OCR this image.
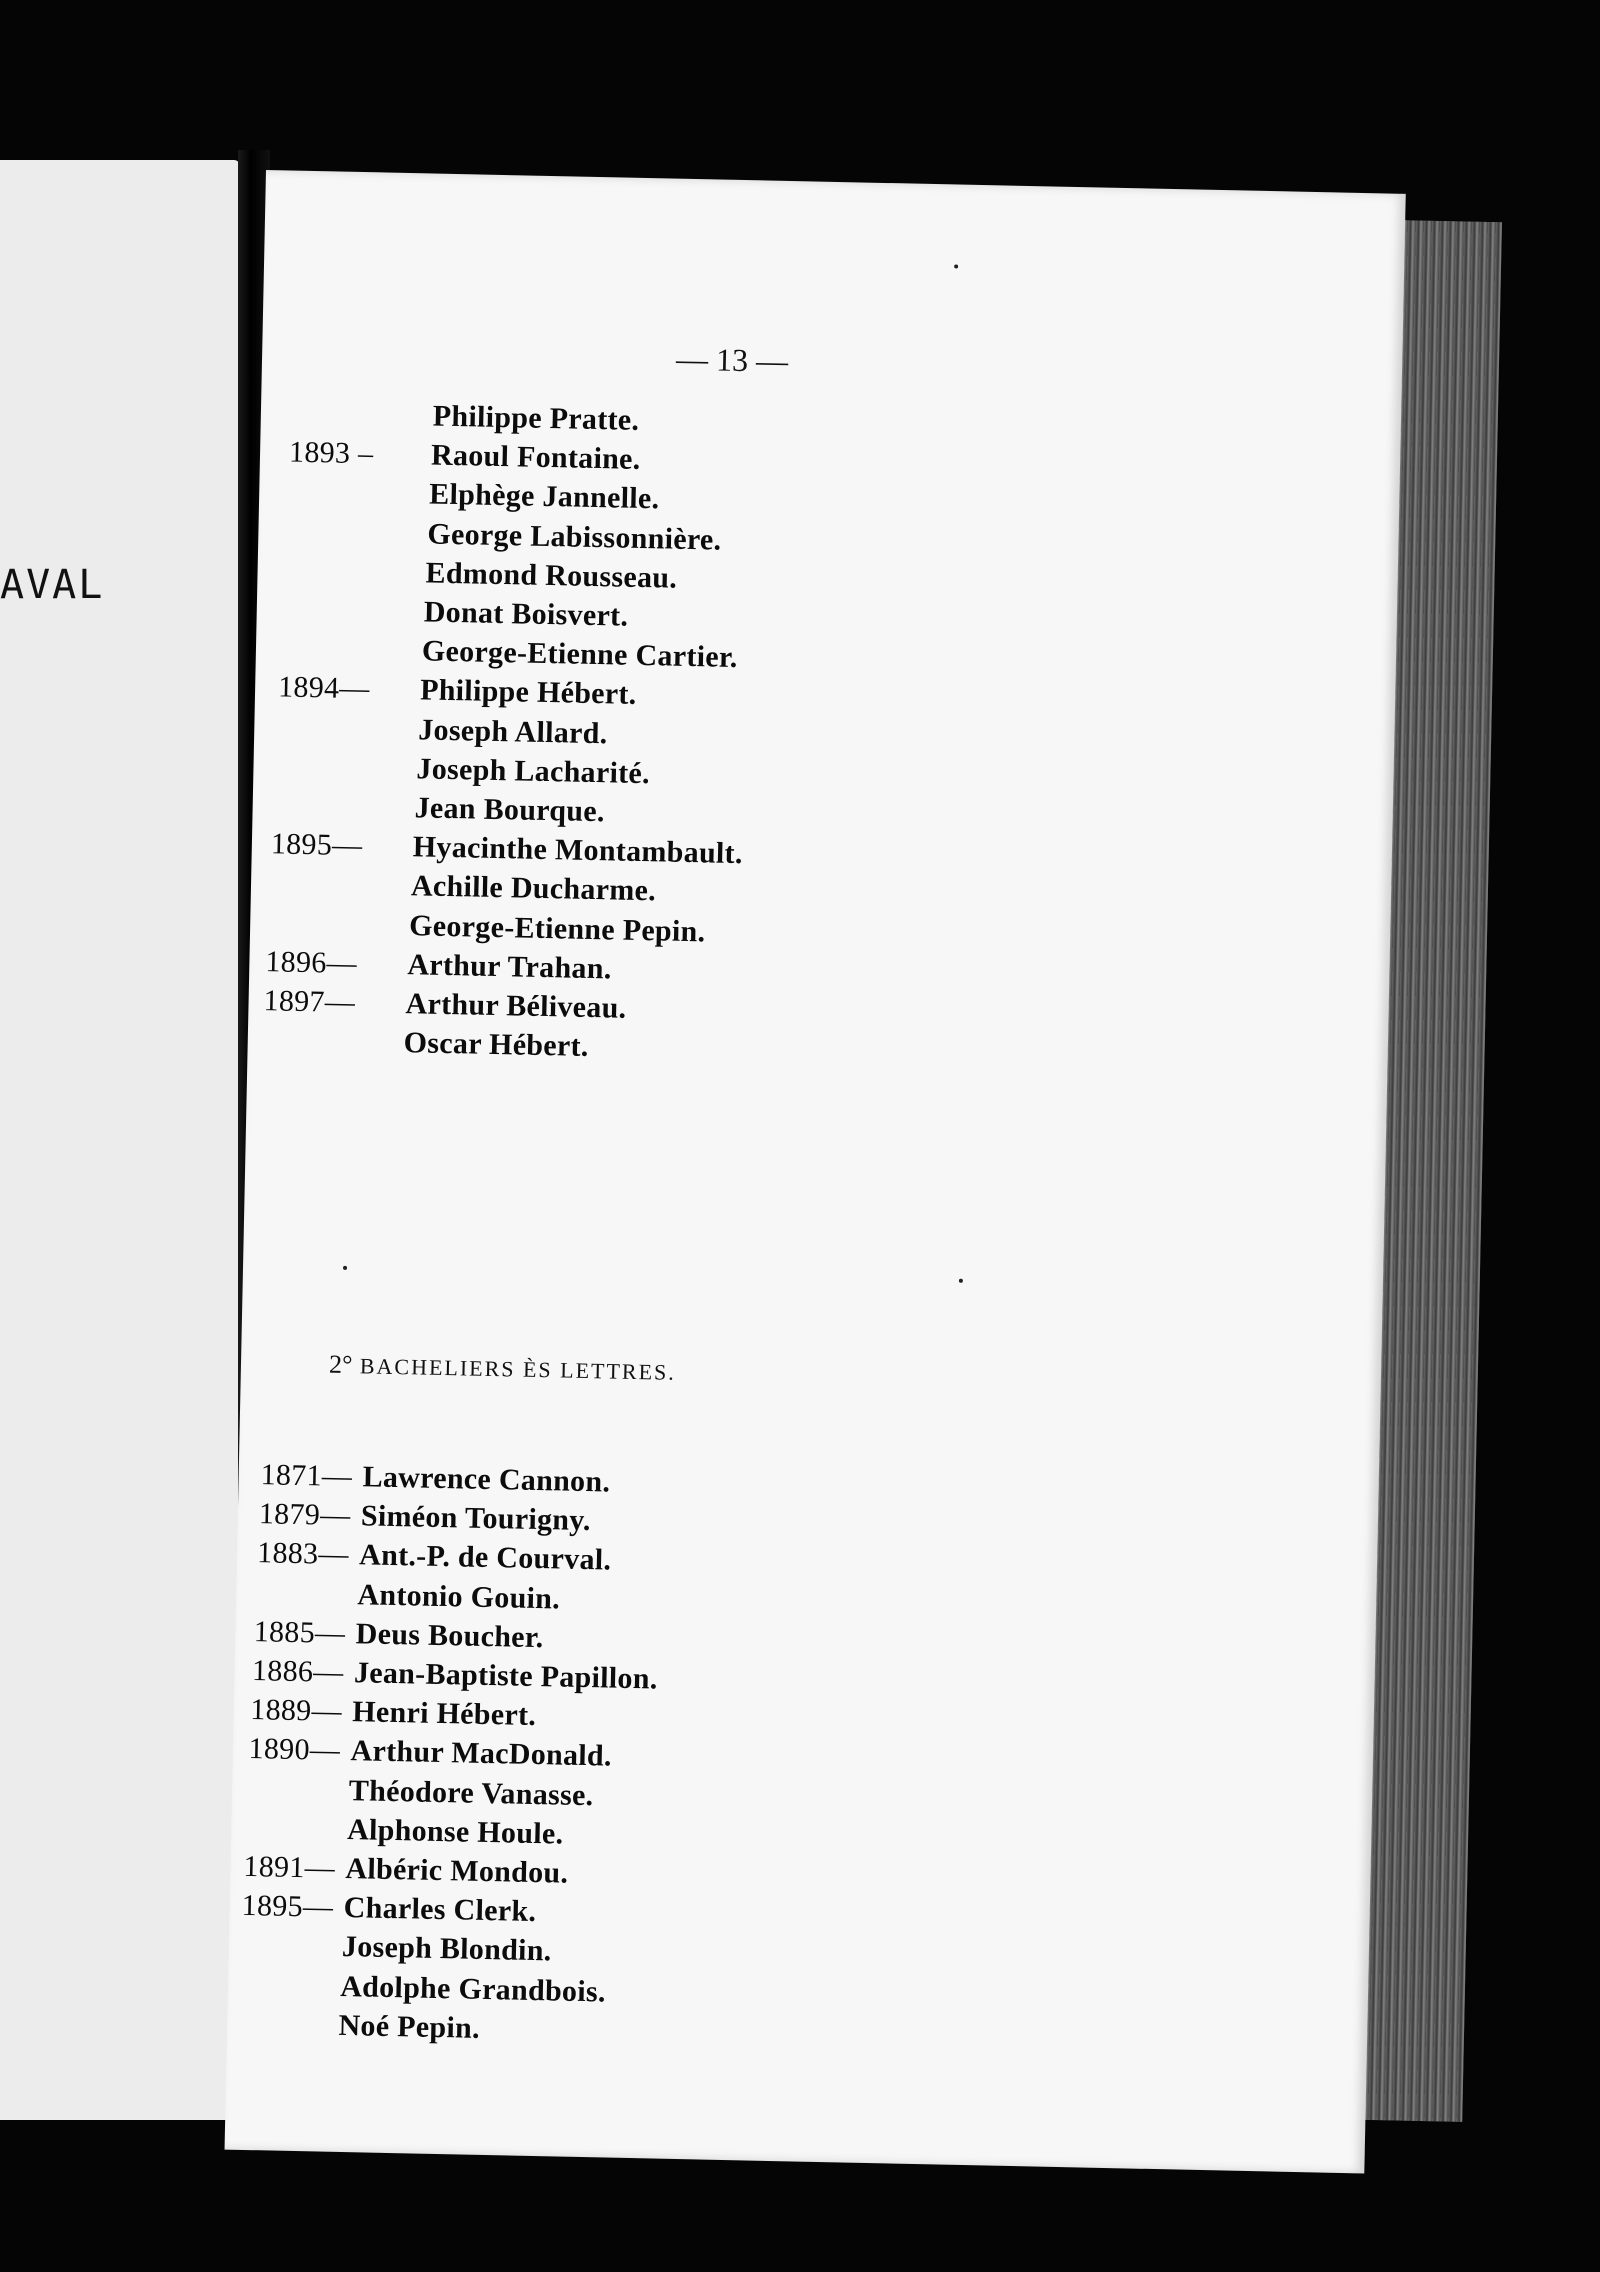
AVAL
— 13 —
Philippe Pratte.
1893 – Raoul Fontaine.
Elphège Jannelle.
George Labissonnière.
Edmond Rousseau.
Donat Boisvert.
George-Etienne Cartier.
1894— Philippe Hébert.
Joseph Allard.
Joseph Lacharité.
Jean Bourque.
1895— Hyacinthe Montambault.
Achille Ducharme.
George-Etienne Pepin.
1896— Arthur Trahan.
1897— Arthur Béliveau.
Oscar Hébert.
2° BACHELIERS ÈS LETTRES.
1871— Lawrence Cannon.
1879— Siméon Tourigny.
1883— Ant.-P. de Courval.
Antonio Gouin.
1885— Deus Boucher.
1886— Jean-Baptiste Papillon.
1889— Henri Hébert.
1890— Arthur MacDonald.
Théodore Vanasse.
Alphonse Houle.
1891— Albéric Mondou.
1895— Charles Clerk.
Joseph Blondin.
Adolphe Grandbois.
Noé Pepin.
